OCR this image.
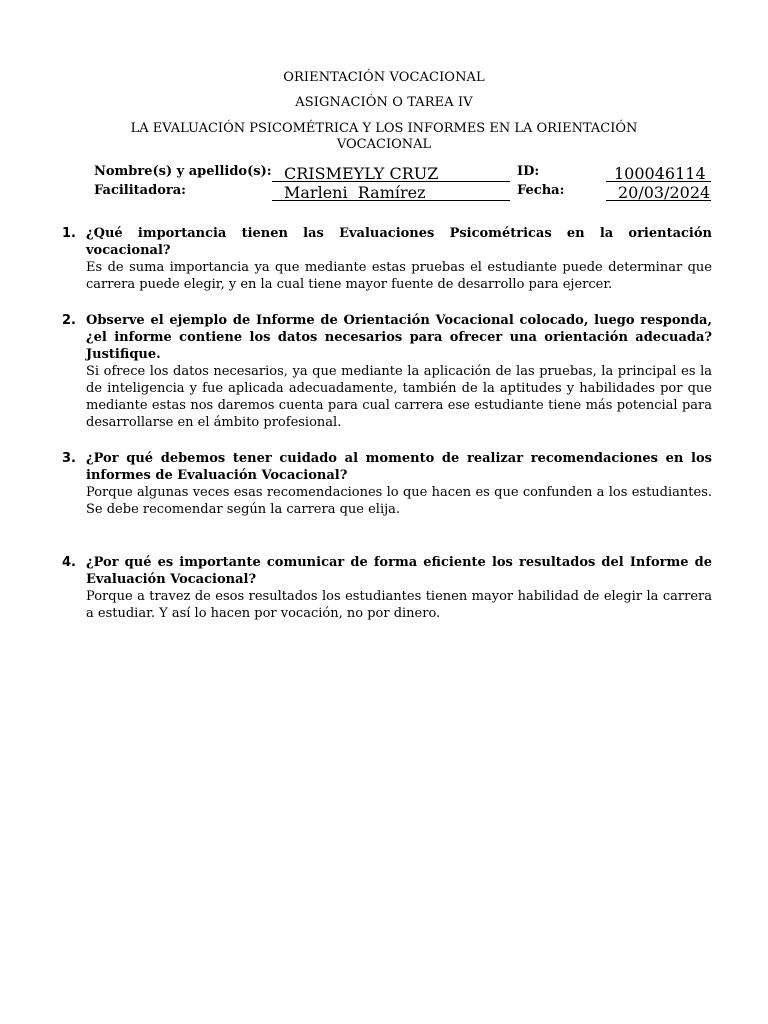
ORIENTACIÓN VOCACIONAL
ASIGNACIÓN O TAREA IV
LA EVALUACIÓN PSICOMÉTRICA Y LOS INFORMES EN LA ORIENTACIÓN VOCACIONAL
Nombre(s) y apellido(s): CRISMEYLY CRUZ	ID:	100046114
Facilitadora:	Marleni  Ramírez	Fecha:	20/03/2024
1. ¿Qué importancia tienen las Evaluaciones Psicométricas en la orientación vocacional?
Es de suma importancia ya que mediante estas pruebas el estudiante puede determinar que carrera puede elegir, y en la cual tiene mayor fuente de desarrollo para ejercer.
2. Observe el ejemplo de Informe de Orientación Vocacional colocado, luego responda, ¿el informe contiene los datos necesarios para ofrecer una orientación adecuada? Justifique.
Si ofrece los datos necesarios, ya que mediante la aplicación de las pruebas, la principal es la de inteligencia y fue aplicada adecuadamente, también de la aptitudes y habilidades por que mediante estas nos daremos cuenta para cual carrera ese estudiante tiene más potencial para desarrollarse en el ámbito profesional.
3. ¿Por qué debemos tener cuidado al momento de realizar recomendaciones en los informes de Evaluación Vocacional?
Porque algunas veces esas recomendaciones lo que hacen es que confunden a los estudiantes. Se debe recomendar según la carrera que elija.
4. ¿Por qué es importante comunicar de forma eficiente los resultados del Informe de Evaluación Vocacional?
Porque a travez de esos resultados los estudiantes tienen mayor habilidad de elegir la carrera a estudiar. Y así lo hacen por vocación, no por dinero.
